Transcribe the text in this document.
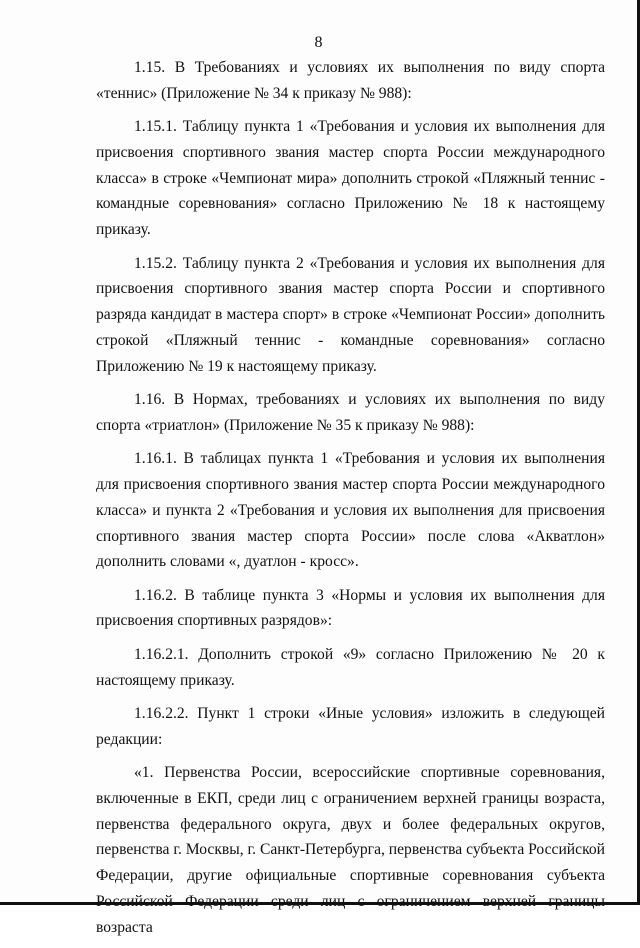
8

1.15. В Требованиях и условиях их выполнения по виду спорта «теннис» (Приложение № 34 к приказу № 988):

1.15.1. Таблицу пункта 1 «Требования и условия их выполнения для присвоения спортивного звания мастер спорта России международного класса» в строке «Чемпионат мира» дополнить строкой «Пляжный теннис - командные соревнования» согласно Приложению № 18 к настоящему приказу.

1.15.2. Таблицу пункта 2 «Требования и условия их выполнения для присвоения спортивного звания мастер спорта России и спортивного разряда кандидат в мастера спорт» в строке «Чемпионат России» дополнить строкой «Пляжный теннис - командные соревнования» согласно Приложению № 19 к настоящему приказу.

1.16. В Нормах, требованиях и условиях их выполнения по виду спорта «триатлон» (Приложение № 35 к приказу № 988):

1.16.1. В таблицах пункта 1 «Требования и условия их выполнения для присвоения спортивного звания мастер спорта России международного класса» и пункта 2 «Требования и условия их выполнения для присвоения спортивного звания мастер спорта России» после слова «Акватлон» дополнить словами «, дуатлон - кросс».

1.16.2. В таблице пункта 3 «Нормы и условия их выполнения для присвоения спортивных разрядов»:

1.16.2.1. Дополнить строкой «9» согласно Приложению № 20 к настоящему приказу.

1.16.2.2. Пункт 1 строки «Иные условия» изложить в следующей редакции:

«1. Первенства России, всероссийские спортивные соревнования, включенные в ЕКП, среди лиц с ограничением верхней границы возраста, первенства федерального округа, двух и более федеральных округов, первенства г. Москвы, г. Санкт-Петербурга, первенства субъекта Российской Федерации, другие официальные спортивные соревнования субъекта Российской Федерации среди лиц с ограничением верхней границы возраста
